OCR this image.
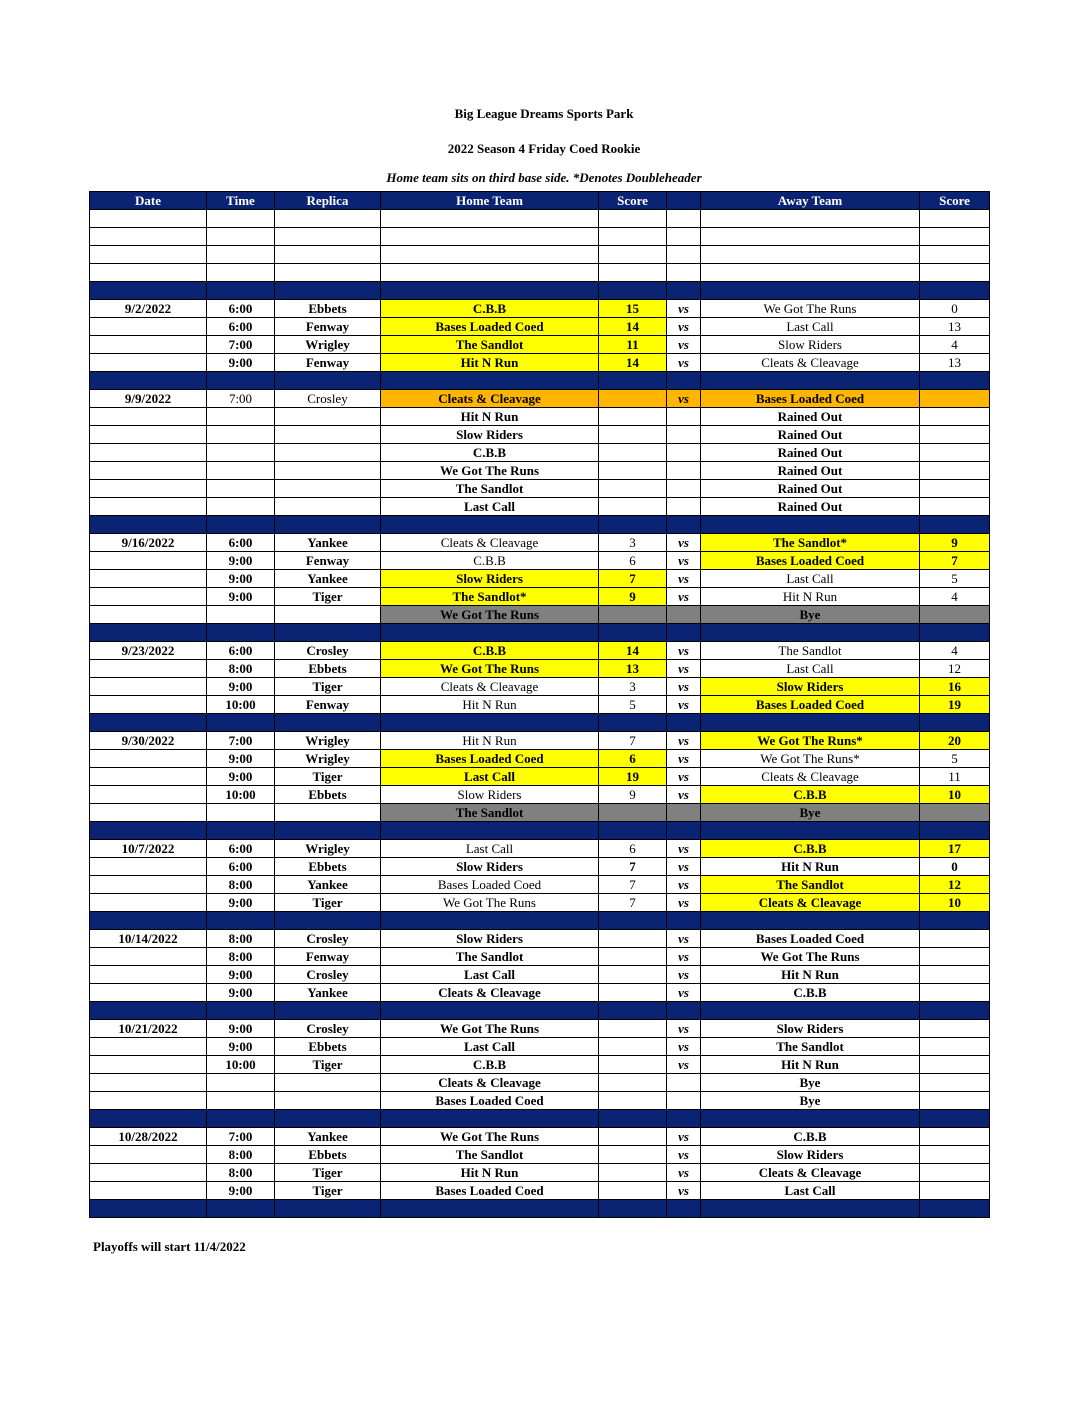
Big League Dreams Sports Park
2022 Season 4 Friday Coed Rookie
Home team sits on third base side. *Denotes Doubleheader
Date	Time	Replica	Home Team	Score		Away Team	Score

9/2/2022	6:00	Ebbets	C.B.B	15	vs	We Got The Runs	0
	6:00	Fenway	Bases Loaded Coed	14	vs	Last Call	13
	7:00	Wrigley	The Sandlot	11	vs	Slow Riders	4
	9:00	Fenway	Hit N Run	14	vs	Cleats & Cleavage	13

9/9/2022	7:00	Crosley	Cleats & Cleavage		vs	Bases Loaded Coed	
			Hit N Run			Rained Out	
			Slow Riders			Rained Out	
			C.B.B			Rained Out	
			We Got The Runs			Rained Out	
			The Sandlot			Rained Out	
			Last Call			Rained Out	

9/16/2022	6:00	Yankee	Cleats & Cleavage	3	vs	The Sandlot*	9
	9:00	Fenway	C.B.B	6	vs	Bases Loaded Coed	7
	9:00	Yankee	Slow Riders	7	vs	Last Call	5
	9:00	Tiger	The Sandlot*	9	vs	Hit N Run	4
			We Got The Runs			Bye	

9/23/2022	6:00	Crosley	C.B.B	14	vs	The Sandlot	4
	8:00	Ebbets	We Got The Runs	13	vs	Last Call	12
	9:00	Tiger	Cleats & Cleavage	3	vs	Slow Riders	16
	10:00	Fenway	Hit N Run	5	vs	Bases Loaded Coed	19

9/30/2022	7:00	Wrigley	Hit N Run	7	vs	We Got The Runs*	20
	9:00	Wrigley	Bases Loaded Coed	6	vs	We Got The Runs*	5
	9:00	Tiger	Last Call	19	vs	Cleats & Cleavage	11
	10:00	Ebbets	Slow Riders	9	vs	C.B.B	10
			The Sandlot			Bye	

10/7/2022	6:00	Wrigley	Last Call	6	vs	C.B.B	17
	6:00	Ebbets	Slow Riders	7	vs	Hit N Run	0
	8:00	Yankee	Bases Loaded Coed	7	vs	The Sandlot	12
	9:00	Tiger	We Got The Runs	7	vs	Cleats & Cleavage	10

10/14/2022	8:00	Crosley	Slow Riders		vs	Bases Loaded Coed	
	8:00	Fenway	The Sandlot		vs	We Got The Runs	
	9:00	Crosley	Last Call		vs	Hit N Run	
	9:00	Yankee	Cleats & Cleavage		vs	C.B.B	

10/21/2022	9:00	Crosley	We Got The Runs		vs	Slow Riders	
	9:00	Ebbets	Last Call		vs	The Sandlot	
	10:00	Tiger	C.B.B		vs	Hit N Run	
			Cleats & Cleavage			Bye	
			Bases Loaded Coed			Bye	

10/28/2022	7:00	Yankee	We Got The Runs		vs	C.B.B	
	8:00	Ebbets	The Sandlot		vs	Slow Riders	
	8:00	Tiger	Hit N Run		vs	Cleats & Cleavage	
	9:00	Tiger	Bases Loaded Coed		vs	Last Call	

Playoffs will start 11/4/2022
